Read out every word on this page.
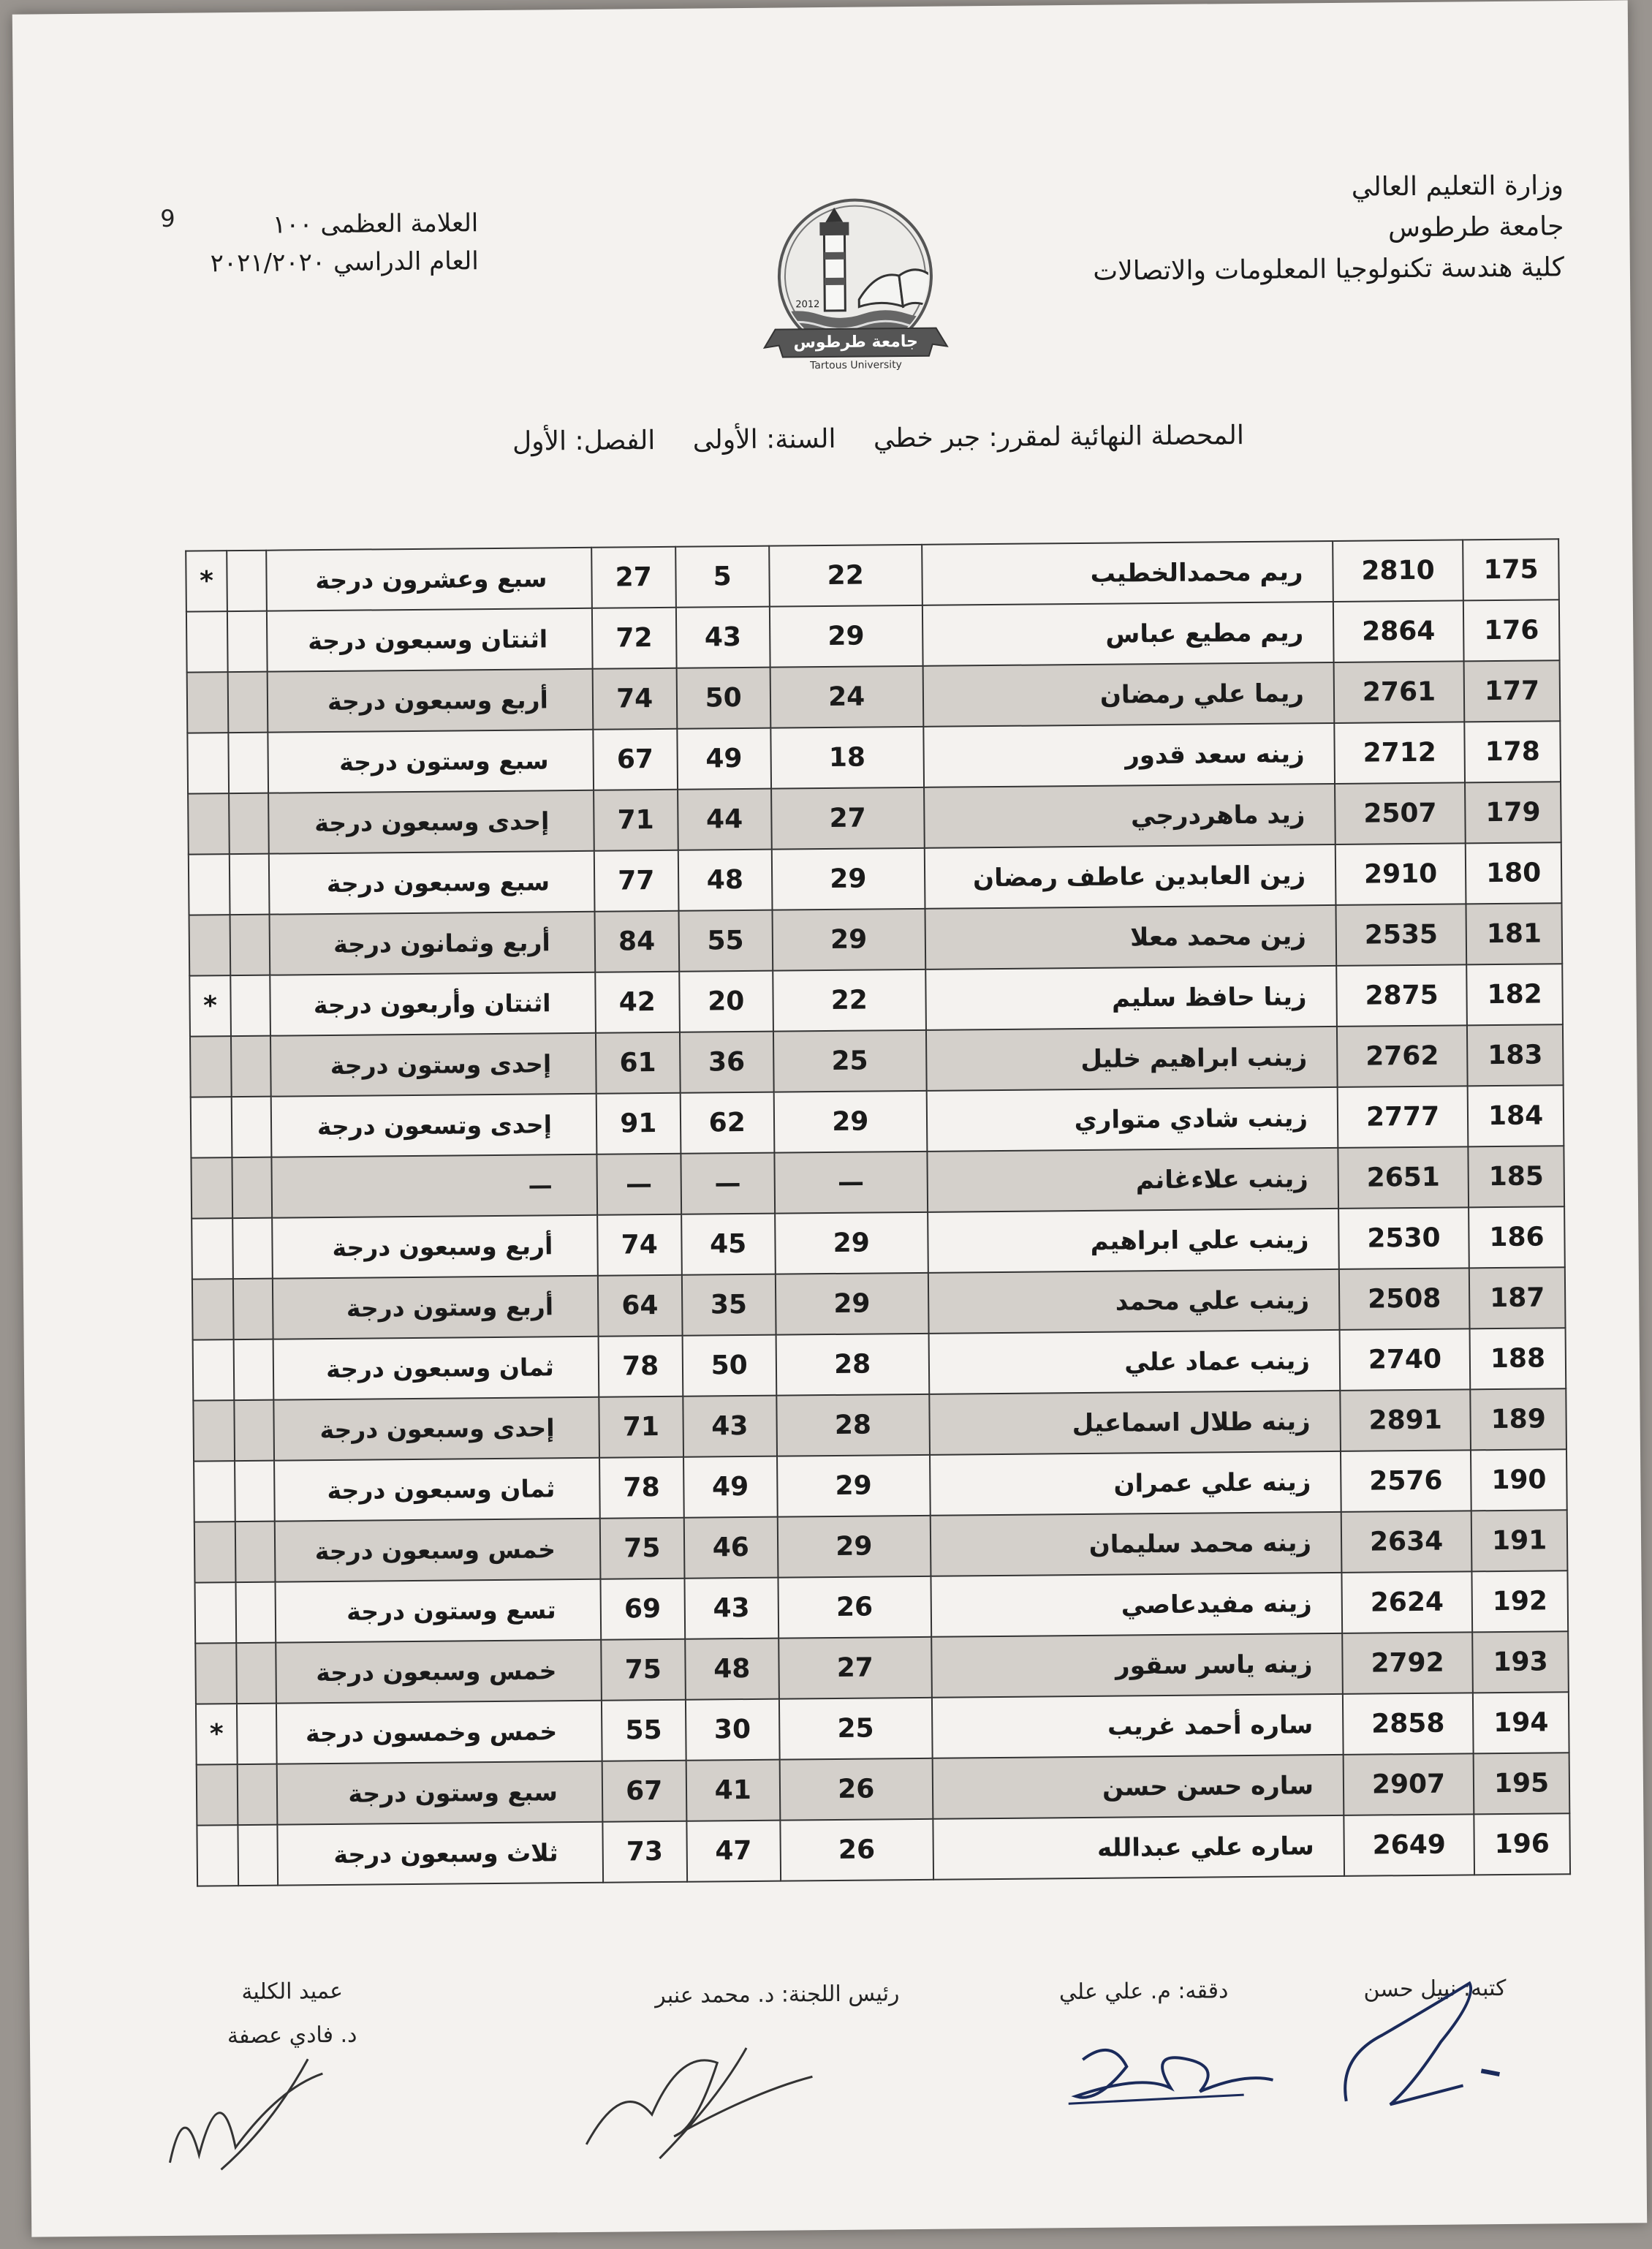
وزارة التعليم العالي
جامعة طرطوس
كلية هندسة تكنولوجيا المعلومات والاتصالات
9	العلامة العظمى ١٠٠
العام الدراسي ٢٠٢١/٢٠٢٠
2012
جامعة طرطوس
Tartous University
المحصلة النهائية لمقرر: جبر خطي السنة: الأولى الفصل: الأول
*		سبع وعشرون درجة	27	5	22	ريم محمدالخطيب	2810	175
		اثنتان وسبعون درجة	72	43	29	ريم مطيع عباس	2864	176
		أربع وسبعون درجة	74	50	24	ريما علي رمضان	2761	177
		سبع وستون درجة	67	49	18	زينه سعد قدور	2712	178
		إحدى وسبعون درجة	71	44	27	زيد ماهردرجي	2507	179
		سبع وسبعون درجة	77	48	29	زين العابدين عاطف رمضان	2910	180
		أربع وثمانون درجة	84	55	29	زين محمد معلا	2535	181
*		اثنتان وأربعون درجة	42	20	22	زينا حافظ سليم	2875	182
		إحدى وستون درجة	61	36	25	زينب ابراهيم خليل	2762	183
		إحدى وتسعون درجة	91	62	29	زينب شادي متواري	2777	184
		—	—	—	—	زينب علاءغانم	2651	185
		أربع وسبعون درجة	74	45	29	زينب علي ابراهيم	2530	186
		أربع وستون درجة	64	35	29	زينب علي محمد	2508	187
		ثمان وسبعون درجة	78	50	28	زينب عماد علي	2740	188
		إحدى وسبعون درجة	71	43	28	زينه طلال اسماعيل	2891	189
		ثمان وسبعون درجة	78	49	29	زينه علي عمران	2576	190
		خمس وسبعون درجة	75	46	29	زينه محمد سليمان	2634	191
		تسع وستون درجة	69	43	26	زينه مفيدعاصي	2624	192
		خمس وسبعون درجة	75	48	27	زينه ياسر سقور	2792	193
*		خمس وخمسون درجة	55	30	25	ساره أحمد غريب	2858	194
		سبع وستون درجة	67	41	26	ساره حسن حسن	2907	195
		ثلاث وسبعون درجة	73	47	26	ساره علي عبدالله	2649	196
كتبه: نبيل حسن
دققه: م. علي علي
رئيس اللجنة: د. محمد عنبر
عميد الكلية
د. فادي عصفة
